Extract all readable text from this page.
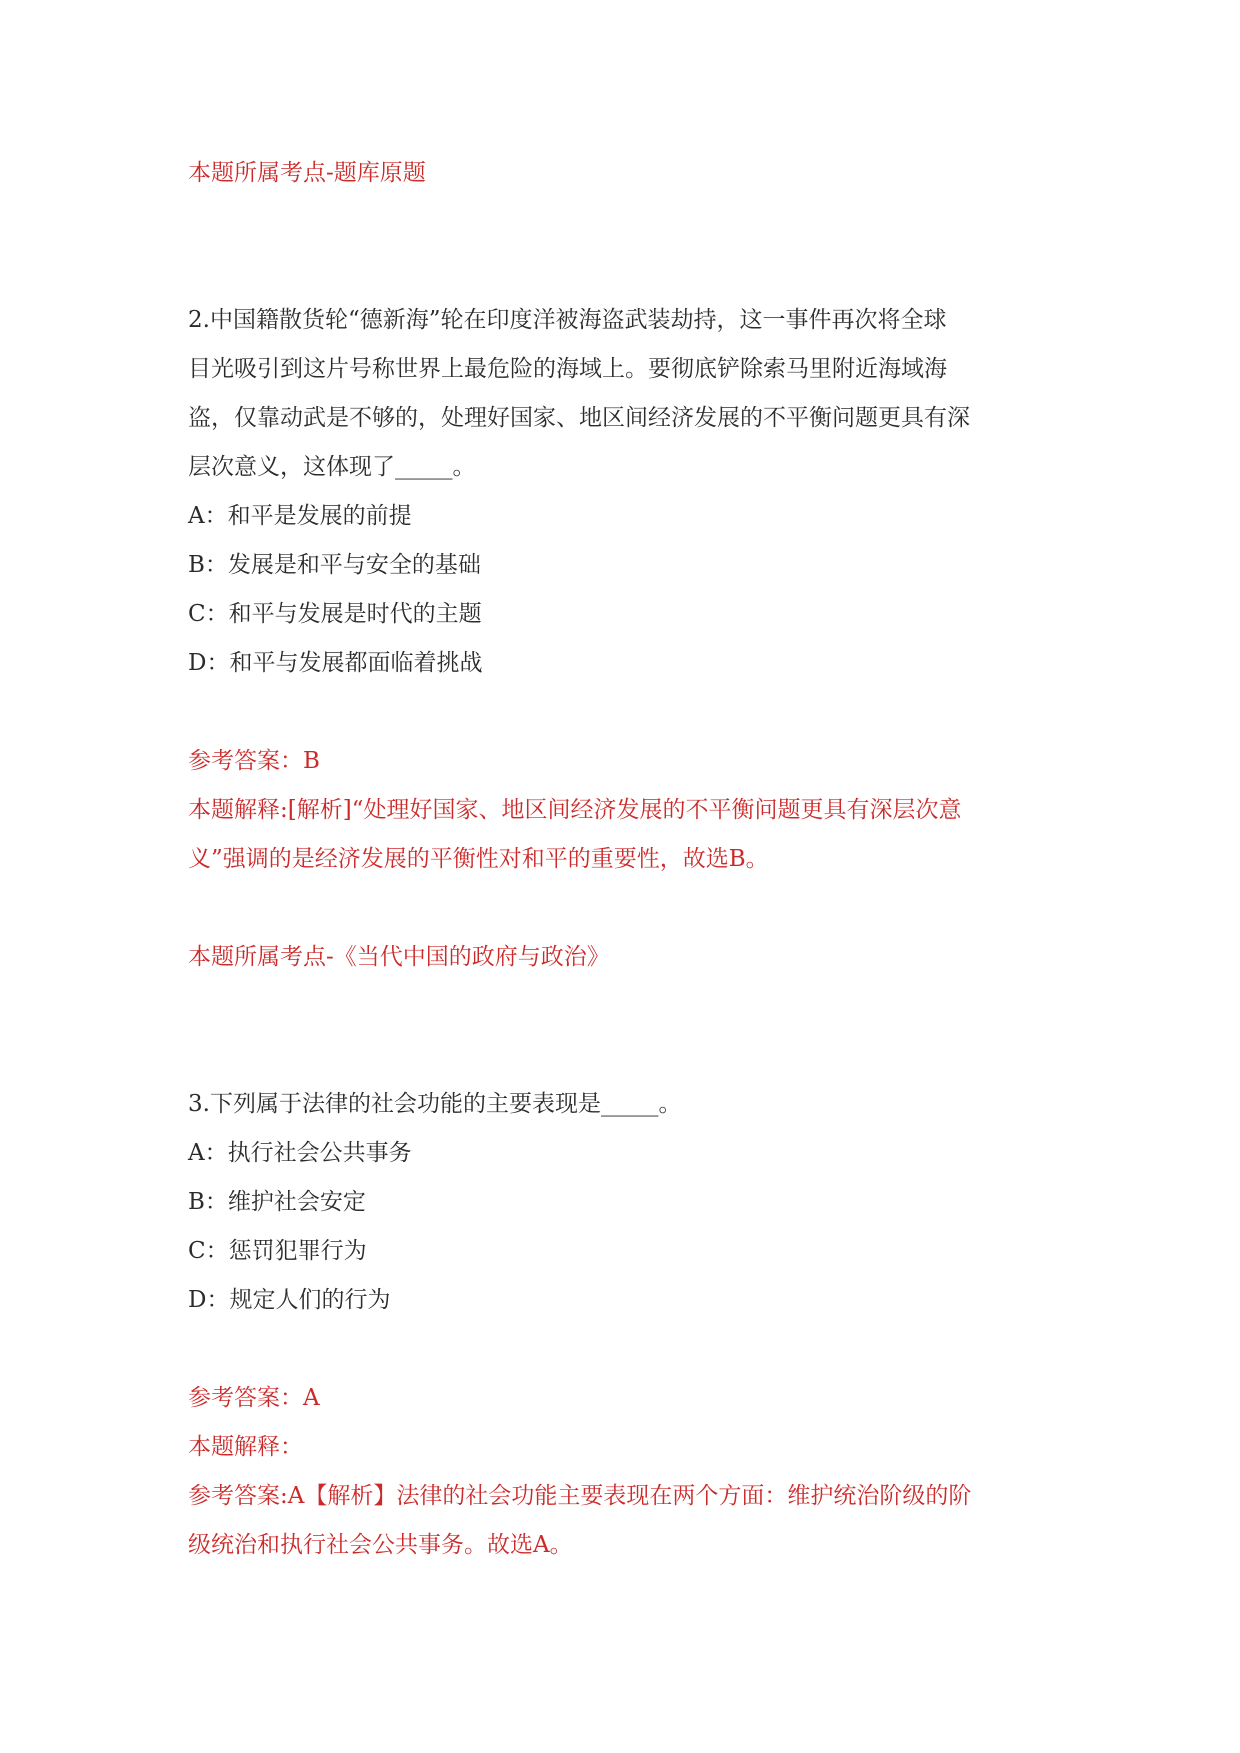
本题所属考点-题库原题
2.中国籍散货轮“德新海”轮在印度洋被海盗武装劫持，这一事件再次将全球
目光吸引到这片号称世界上最危险的海域上。要彻底铲除索马里附近海域海
盗，仅靠动武是不够的，处理好国家、地区间经济发展的不平衡问题更具有深
层次意义，这体现了_____。
A：和平是发展的前提
B：发展是和平与安全的基础
C：和平与发展是时代的主题
D：和平与发展都面临着挑战
参考答案：B
本题解释:[解析]“处理好国家、地区间经济发展的不平衡问题更具有深层次意
义”强调的是经济发展的平衡性对和平的重要性，故选B。
本题所属考点-《当代中国的政府与政治》
3.下列属于法律的社会功能的主要表现是_____。
A：执行社会公共事务
B：维护社会安定
C：惩罚犯罪行为
D：规定人们的行为
参考答案：A
本题解释：
参考答案:A【解析】法律的社会功能主要表现在两个方面：维护统治阶级的阶
级统治和执行社会公共事务。故选A。
